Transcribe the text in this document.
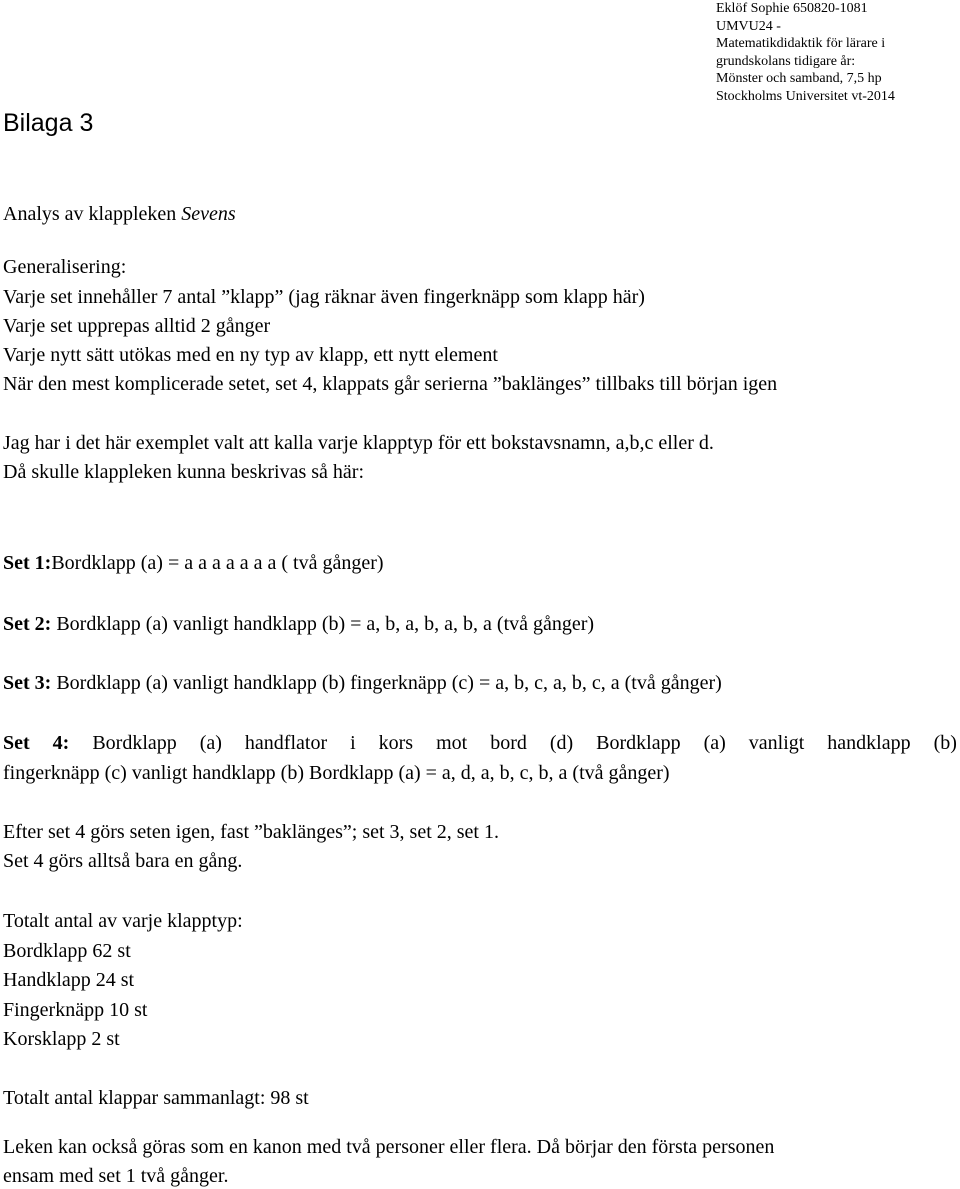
Eklöf Sophie 650820-1081
UMVU24 -
Matematikdidaktik för lärare i
grundskolans tidigare år:
Mönster och samband, 7,5 hp
Stockholms Universitet vt-2014
Bilaga 3
Analys av klappleken Sevens
Generalisering:
Varje set innehåller 7 antal ”klapp” (jag räknar även fingerknäpp som klapp här)
Varje set upprepas alltid 2 gånger
Varje nytt sätt utökas med en ny typ av klapp, ett nytt element
När den mest komplicerade setet, set 4, klappats går serierna ”baklänges” tillbaks till början igen
Jag har i det här exemplet valt att kalla varje klapptyp för ett bokstavsnamn, a,b,c eller d.
Då skulle klappleken kunna beskrivas så här:
Set 1:Bordklapp (a) = a a a a a a a ( två gånger)
Set 2: Bordklapp (a) vanligt handklapp (b) = a, b, a, b, a, b, a (två gånger)
Set 3: Bordklapp (a) vanligt handklapp (b) fingerknäpp (c) = a, b, c, a, b, c, a (två gånger)
Set 4: Bordklapp (a) handflator i kors mot bord (d) Bordklapp (a) vanligt handklapp (b)
fingerknäpp (c) vanligt handklapp (b) Bordklapp (a) = a, d, a, b, c, b, a (två gånger)
Efter set 4 görs seten igen, fast ”baklänges”; set 3, set 2, set 1.
Set 4 görs alltså bara en gång.
Totalt antal av varje klapptyp:
Bordklapp 62 st
Handklapp 24 st
Fingerknäpp 10 st
Korsklapp 2 st
Totalt antal klappar sammanlagt: 98 st
Leken kan också göras som en kanon med två personer eller flera. Då börjar den första personen
ensam med set 1 två gånger.
